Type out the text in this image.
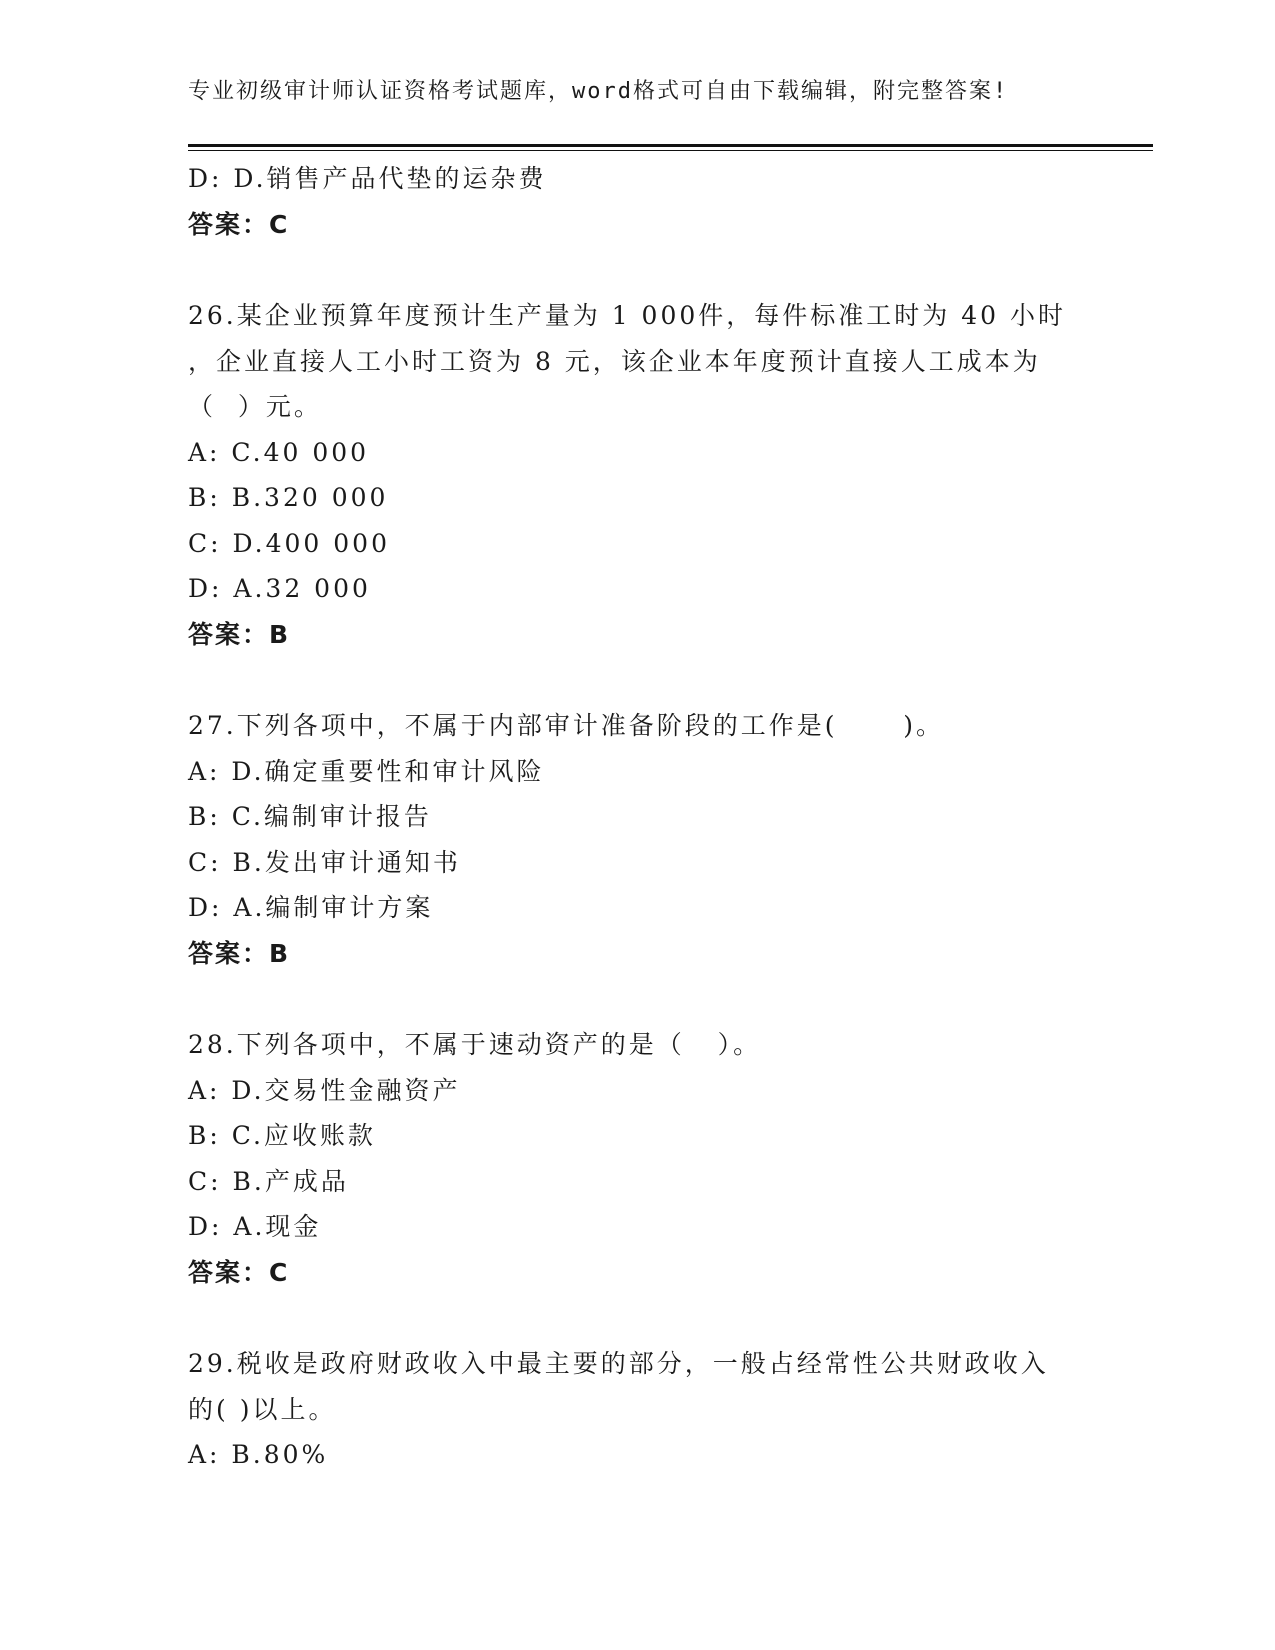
专业初级审计师认证资格考试题库，word格式可自由下载编辑，附完整答案!
D: D.销售产品代垫的运杂费
答案：C
26.某企业预算年度预计生产量为 1 000件，每件标准工时为 40 小时
，企业直接人工小时工资为 8 元，该企业本年度预计直接人工成本为
（  ）元。
A: C.40 000
B: B.320 000
C: D.400 000
D: A.32 000
答案：B
27.下列各项中，不属于内部审计准备阶段的工作是(      )。
A: D.确定重要性和审计风险
B: C.编制审计报告
C: B.发出审计通知书
D: A.编制审计方案
答案：B
28.下列各项中，不属于速动资产的是（   ）。
A: D.交易性金融资产
B: C.应收账款
C: B.产成品
D: A.现金
答案：C
29.税收是政府财政收入中最主要的部分，一般占经常性公共财政收入
的( )以上。
A: B.80%
